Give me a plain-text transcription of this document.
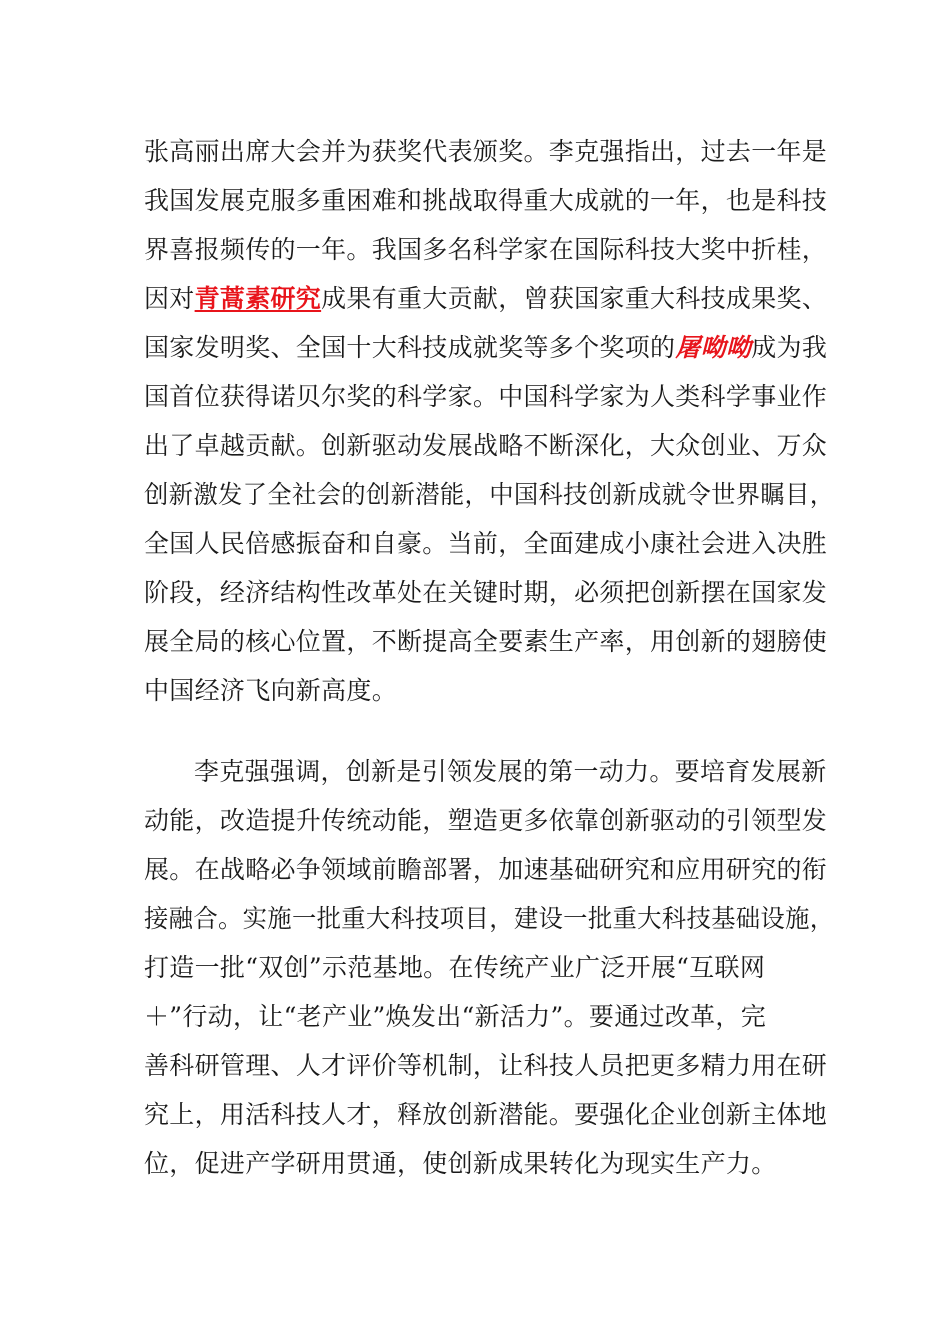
张高丽出席大会并为获奖代表颁奖。李克强指出，过去一年是
我国发展克服多重困难和挑战取得重大成就的一年，也是科技
界喜报频传的一年。我国多名科学家在国际科技大奖中折桂，
因对青蒿素研究成果有重大贡献，曾获国家重大科技成果奖、
国家发明奖、全国十大科技成就奖等多个奖项的屠呦呦成为我
国首位获得诺贝尔奖的科学家。中国科学家为人类科学事业作
出了卓越贡献。创新驱动发展战略不断深化，大众创业、万众
创新激发了全社会的创新潜能，中国科技创新成就令世界瞩目，
全国人民倍感振奋和自豪。当前，全面建成小康社会进入决胜
阶段，经济结构性改革处在关键时期，必须把创新摆在国家发
展全局的核心位置，不断提高全要素生产率，用创新的翅膀使
中国经济飞向新高度。
李克强强调，创新是引领发展的第一动力。要培育发展新
动能，改造提升传统动能，塑造更多依靠创新驱动的引领型发
展。在战略必争领域前瞻部署，加速基础研究和应用研究的衔
接融合。实施一批重大科技项目，建设一批重大科技基础设施，
打造一批“双创”示范基地。在传统产业广泛开展“互联网
＋”行动，让“老产业”焕发出“新活力”。要通过改革，完
善科研管理、人才评价等机制，让科技人员把更多精力用在研
究上，用活科技人才，释放创新潜能。要强化企业创新主体地
位，促进产学研用贯通，使创新成果转化为现实生产力。
